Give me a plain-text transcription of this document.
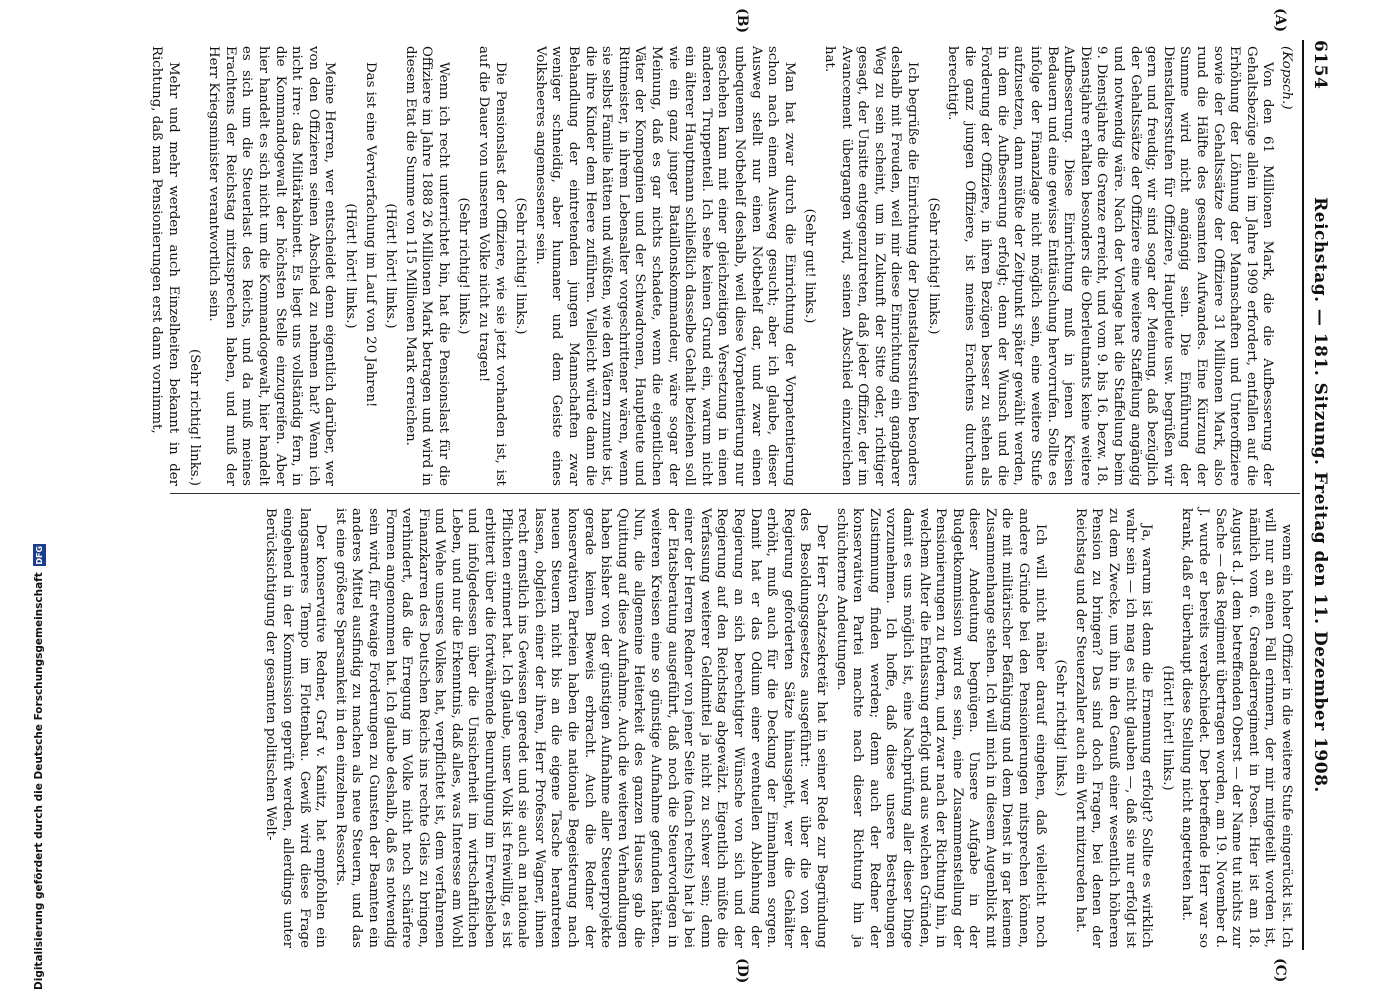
6154
Reichstag. — 181. Sitzung. Freitag den 11. Dezember 1908.
(A)
(B)
(C)
(D)

(Kopsch.)

Von den 61 Millionen Mark, die die Aufbesserung der Gehaltsbezüge allein im Jahre 1909 erfordert, entfallen auf die Erhöhung der Löhnung der Mannschaften und Unteroffiziere sowie der Gehaltssätze der Offiziere 31 Millionen Mark, also rund die Hälfte des gesamten Aufwandes. Eine Kürzung der Summe wird nicht angängig sein. Die Einführung der Dienstaltersstufen für Offiziere, Hauptleute usw. begrüßen wir gern und freudig; wir sind sogar der Meinung, daß bezüglich der Gehaltssätze der Offiziere eine weitere Staffelung angängig und notwendig wäre. Nach der Vorlage hat die Staffelung beim 9. Dienstjahre die Grenze erreicht, und vom 9. bis 16. bezw. 18. Dienstjahre erhalten besonders die Oberleutnants keine weitere Aufbesserung. Diese Einrichtung muß in jenen Kreisen Bedauern und eine gewisse Enttäuschung hervorrufen. Sollte es infolge der Finanzlage nicht möglich sein, eine weitere Stufe aufzusetzen, dann müßte der Zeitpunkt später gewählt werden, in dem die Aufbesserung erfolgt; denn der Wunsch und die Forderung der Offiziere, in ihren Bezügen besser zu stehen als die ganz jungen Offiziere, ist meines Erachtens durchaus berechtigt.

(Sehr richtig! links.)

Ich begrüße die Einrichtung der Dienstaltersstufen besonders deshalb mit Freuden, weil mir diese Einrichtung ein gangbarer Weg zu sein scheint, um in Zukunft der Sitte oder, richtiger gesagt, der Unsitte entgegenzutreten, daß jeder Offizier, der im Avancement übergangen wird, seinen Abschied einzureichen hat.

(Sehr gut! links.)

Man hat zwar durch die Einrichtung der Vorpatentierung schon nach einem Ausweg gesucht; aber ich glaube, dieser Ausweg stellt nur einen Notbehelf dar, und zwar einen unbequemen Notbehelf deshalb, weil diese Vorpatentierung nur geschehen kann mit einer gleichzeitigen Versetzung in einen anderen Truppenteil. Ich sehe keinen Grund ein, warum nicht ein älterer Hauptmann schließlich dasselbe Gehalt beziehen soll wie ein ganz junger Bataillonskommandeur, wäre sogar der Meinung, daß es gar nichts schadete, wenn die eigentlichen Väter der Kompagnien und der Schwadronen, Hauptleute und Rittmeister, in ihrem Lebensalter vorgeschrittener wären, wenn sie selbst Familie hätten und wüßten, wie den Vätern zumute ist, die ihre Kinder dem Heere zuführen. Vielleicht würde dann die Behandlung der eintretenden jungen Mannschaften zwar weniger schneidig, aber humaner und dem Geiste eines Volksheeres angemessener sein.

(Sehr richtig! links.)

Die Pensionslast der Offiziere, wie sie jetzt vorhanden ist, ist auf die Dauer von unserem Volke nicht zu tragen!

(Sehr richtig! links.)

Wenn ich recht unterrichtet bin, hat die Pensionslast für die Offiziere im Jahre 1888 26 Millionen Mark betragen und wird in diesem Etat die Summe von 115 Millionen Mark erreichen.

(Hört! hört! links.)

Das ist eine Vervierfachung im Lauf von 20 Jahren!

(Hört! hört! links.)

Meine Herren, wer entscheidet denn eigentlich darüber, wer von den Offizieren seinen Abschied zu nehmen hat? Wenn ich nicht irre: das Militärkabinett. Es liegt uns vollständig fern, in die Kommandogewalt der höchsten Stelle einzugreifen. Aber hier handelt es sich nicht um die Kommandogewalt, hier handelt es sich um die Steuerlast des Reichs, und da muß meines Erachtens der Reichstag mitzusprechen haben, und muß der Herr Kriegsminister verantwortlich sein.

(Sehr richtig! links.)

Mehr und mehr werden auch Einzelheiten bekannt in der Richtung, daß man Pensionierungen erst dann vornimmt,

wenn ein hoher Offizier in die weitere Stufe eingerückt ist. Ich will nur an einen Fall erinnern, der mir mitgeteilt worden ist, nämlich vom 6. Grenadierregiment in Posen. Hier ist am 18. August d. J. dem betreffenden Oberst — der Name tut nichts zur Sache — das Regiment übertragen worden, am 19. November d. J. wurde er bereits verabschiedet. Der betreffende Herr war so krank, daß er überhaupt diese Stellung nicht angetreten hat.

(Hört! hört! links.)

Ja, warum ist denn die Ernennung erfolgt? Sollte es wirklich wahr sein — ich mag es nicht glauben —, daß sie nur erfolgt ist zu dem Zwecke, um ihn in den Genuß einer wesentlich höheren Pension zu bringen? Das sind doch Fragen, bei denen der Reichstag und der Steuerzahler auch ein Wort mitzureden hat.

(Sehr richtig! links.)

Ich will nicht näher darauf eingehen, daß vielleicht noch andere Gründe bei den Pensionierungen mitsprechen können, die mit militärischer Befähigung und dem Dienst in gar keinem Zusammenhange stehen. Ich will mich in diesem Augenblick mit dieser Andeutung begnügen. Unsere Aufgabe in der Budgetkommission wird es sein, eine Zusammenstellung der Pensionierungen zu fordern, und zwar nach der Richtung hin, in welchem Alter die Entlassung erfolgt und aus welchen Gründen, damit es uns möglich ist, eine Nachprüfung aller dieser Dinge vorzunehmen. Ich hoffe, daß diese unsere Bestrebungen Zustimmung finden werden; denn auch der Redner der konservativen Partei machte nach dieser Richtung hin ja schüchterne Andeutungen.

Der Herr Schatzsekretär hat in seiner Rede zur Begründung des Besoldungsgesetzes ausgeführt: wer über die von der Regierung geforderten Sätze hinausgeht, wer die Gehälter erhöht, muß auch für die Deckung der Einnahmen sorgen. Damit hat er das Odium einer eventuellen Ablehnung der Regierung an sich berechtigter Wünsche von sich und der Regierung auf den Reichstag abgewälzt. Eigentlich müßte die Verfassung weiterer Geldmittel ja nicht zu schwer sein; denn einer der Herren Redner von jener Seite (nach rechts) hat ja bei der Etatsberatung ausgeführt, daß noch die Steuervorlagen in weiteren Kreisen eine so günstige Aufnahme gefunden hätten. Nun, die allgemeine Heiterkeit des ganzen Hauses gab die Quittung auf diese Aufnahme. Auch die weiteren Verhandlungen haben bisher von der günstigen Aufnahme aller Steuerprojekte gerade keinen Beweis erbracht. Auch die Redner der konservativen Parteien haben die nationale Begeisterung nach neuen Steuern nicht bis an die eigene Tasche herantreten lassen, obgleich einer der ihren, Herr Professor Wagner, ihnen recht ernstlich ins Gewissen geredet und sie auch an nationale Pflichten erinnert hat. Ich glaube, unser Volk ist freiwillig, es ist erbittert über die fortwährende Beunruhigung im Erwerbsleben und infolgedessen über die Unsicherheit im wirtschaftlichen Leben, und nur die Erkenntnis, daß alles, was Interesse am Wohl und Wehe unseres Volkes hat, verpflichtet ist, dem verfahrenen Finanzkarren des Deutschen Reichs ins rechte Gleis zu bringen, verhindert, daß die Erregung im Volke nicht noch schärfere Formen angenommen hat. Ich glaube deshalb, daß es notwendig sein wird, für etwaige Forderungen zu Gunsten der Beamten ein anderes Mittel ausfindig zu machen als neue Steuern, und das ist eine größere Sparsamkeit in den einzelnen Ressorts.

Der konservative Redner, Graf v. Kanitz, hat empfohlen ein langsameres Tempo im Flottenbau. Gewiß wird diese Frage eingehend in der Kommission geprüft werden, allerdings unter Berücksichtigung der gesamten politischen Welt-

Digitalisierung gefördert durch die Deutsche ForschungsgemeinschaftDFG
